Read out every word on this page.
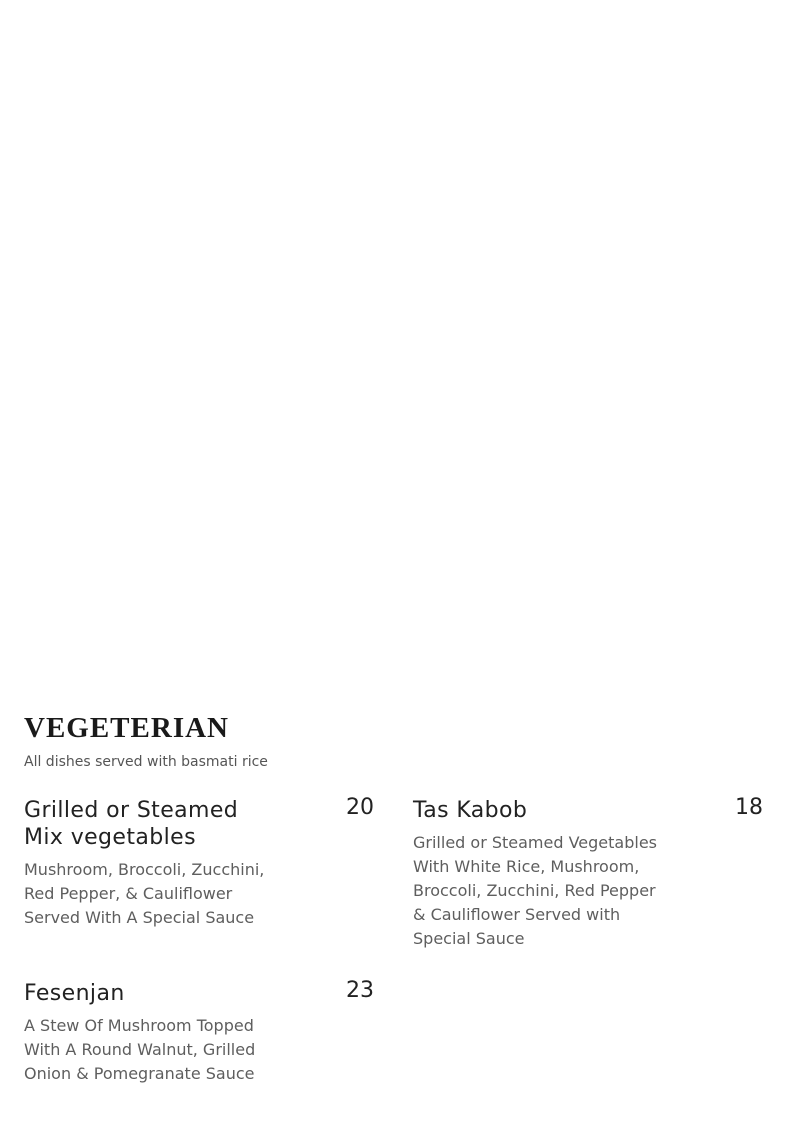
VEGETERIAN
All dishes served with basmati rice
Grilled or Steamed Mix vegetables
20
Mushroom, Broccoli, Zucchini, Red Pepper, & Cauliflower Served With A Special Sauce
Tas Kabob	18
Grilled or Steamed Vegetables With White Rice, Mushroom, Broccoli, Zucchini, Red Pepper & Cauliflower Served with Special Sauce
Fesenjan	23
A Stew Of Mushroom Topped With A Round Walnut, Grilled Onion & Pomegranate Sauce
